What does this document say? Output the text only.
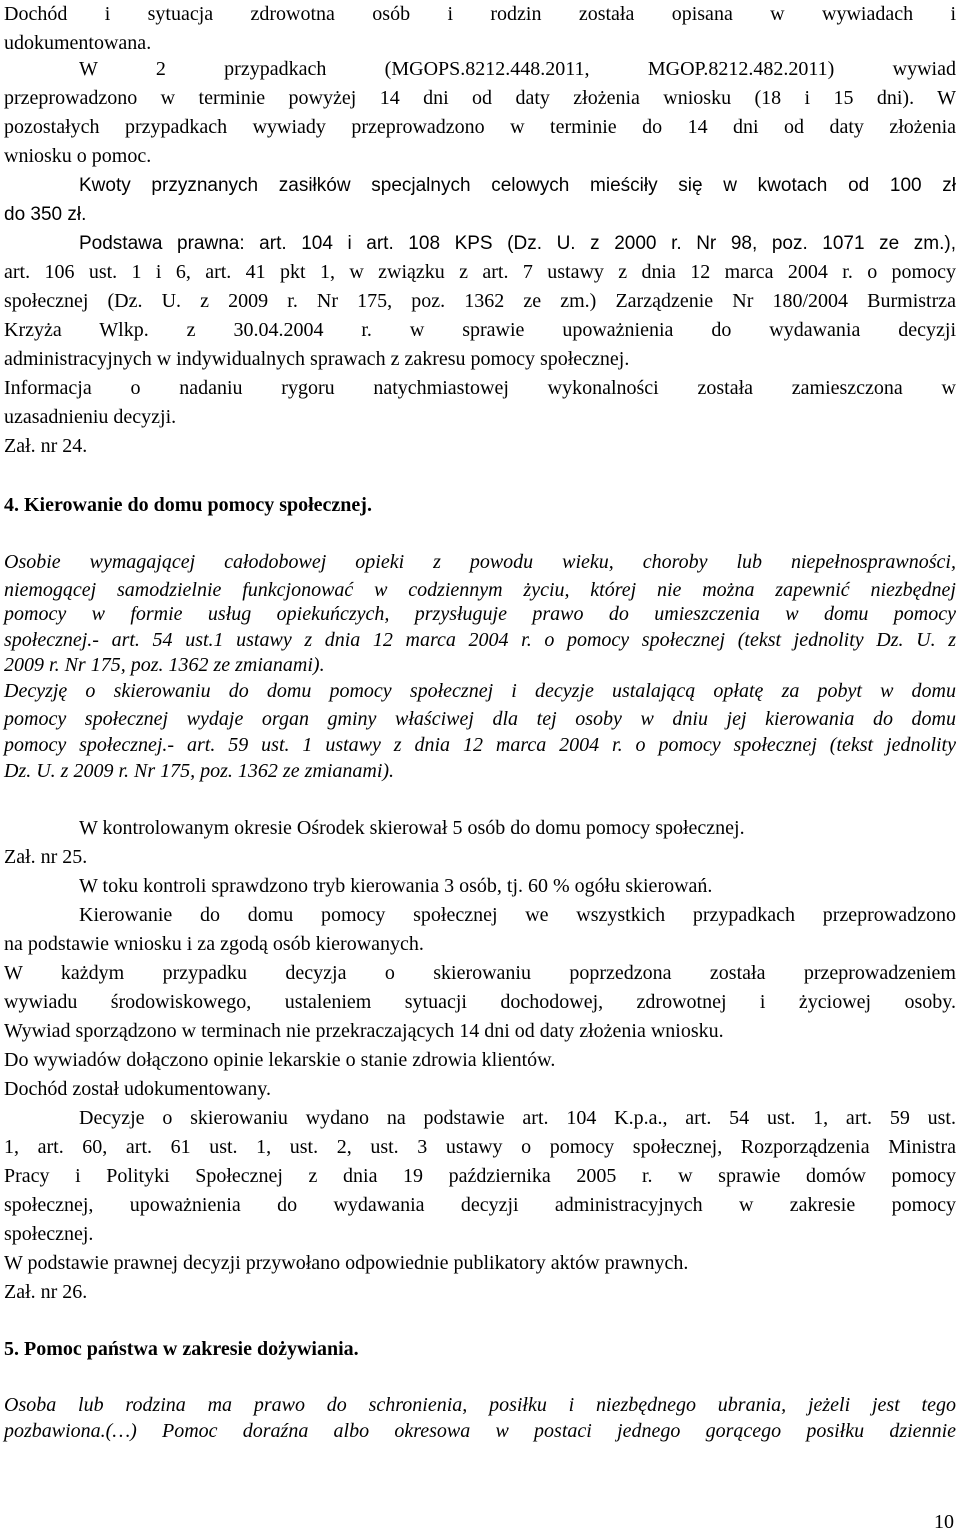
Dochód i sytuacja zdrowotna osób i rodzin została opisana w wywiadach i
udokumentowana.
W 2 przypadkach (MGOPS.8212.448.2011, MGOP.8212.482.2011) wywiad
przeprowadzono w terminie powyżej 14 dni od daty złożenia wniosku (18 i 15 dni). W
pozostałych przypadkach wywiady przeprowadzono w terminie do 14 dni od daty złożenia
wniosku o pomoc.
Kwoty przyznanych zasiłków specjalnych celowych mieściły się w kwotach od 100 zł
do 350 zł.
Podstawa prawna: art. 104 i art. 108 KPS (Dz. U. z 2000 r. Nr 98, poz. 1071 ze zm.),
art. 106 ust. 1 i 6, art. 41 pkt 1, w związku z art. 7 ustawy z dnia 12 marca 2004 r. o pomocy
społecznej (Dz. U. z 2009 r. Nr 175, poz. 1362 ze zm.) Zarządzenie Nr 180/2004 Burmistrza
Krzyża Wlkp. z 30.04.2004 r. w sprawie upoważnienia do wydawania decyzji
administracyjnych w indywidualnych sprawach z zakresu pomocy społecznej.
Informacja o nadaniu rygoru natychmiastowej wykonalności została zamieszczona w
uzasadnieniu decyzji.
Zał. nr 24.
4. Kierowanie do domu pomocy społecznej.
Osobie wymagającej całodobowej opieki z powodu wieku, choroby lub niepełnosprawności,
niemogącej samodzielnie funkcjonować w codziennym życiu, której nie można zapewnić niezbędnej
pomocy w formie usług opiekuńczych, przysługuje prawo do umieszczenia w domu pomocy
społecznej.- art. 54 ust.1 ustawy z dnia 12 marca 2004 r. o pomocy społecznej (tekst jednolity Dz. U. z
2009 r. Nr 175, poz. 1362 ze zmianami).
Decyzję o skierowaniu do domu pomocy społecznej i decyzje ustalającą opłatę za pobyt w domu
pomocy społecznej wydaje organ gminy właściwej dla tej osoby w dniu jej kierowania do domu
pomocy społecznej.- art. 59 ust. 1 ustawy z dnia 12 marca 2004 r. o pomocy społecznej (tekst jednolity
Dz. U. z 2009 r. Nr 175, poz. 1362 ze zmianami).
W kontrolowanym okresie Ośrodek skierował 5 osób do domu pomocy społecznej.
Zał. nr 25.
W toku kontroli sprawdzono tryb kierowania 3 osób, tj. 60 % ogółu skierowań.
Kierowanie do domu pomocy społecznej we wszystkich przypadkach przeprowadzono
na podstawie wniosku i za zgodą osób kierowanych.
W każdym przypadku decyzja o skierowaniu poprzedzona została przeprowadzeniem
wywiadu środowiskowego, ustaleniem sytuacji dochodowej, zdrowotnej i życiowej osoby.
Wywiad sporządzono w terminach nie przekraczających 14 dni od daty złożenia wniosku.
Do wywiadów dołączono opinie lekarskie o stanie zdrowia klientów.
Dochód został udokumentowany.
Decyzje o skierowaniu wydano na podstawie art. 104 K.p.a., art. 54 ust. 1, art. 59 ust.
1, art. 60, art. 61 ust. 1, ust. 2, ust. 3 ustawy o pomocy społecznej, Rozporządzenia Ministra
Pracy i Polityki Społecznej z dnia 19 października 2005 r. w sprawie domów pomocy
społecznej, upoważnienia do wydawania decyzji administracyjnych w zakresie pomocy
społecznej.
W podstawie prawnej decyzji przywołano odpowiednie publikatory aktów prawnych.
Zał. nr 26.
5. Pomoc państwa w zakresie dożywiania.
Osoba lub rodzina ma prawo do schronienia, posiłku i niezbędnego ubrania, jeżeli jest tego
pozbawiona.(…) Pomoc doraźna albo okresowa w postaci jednego gorącego posiłku dziennie
10
